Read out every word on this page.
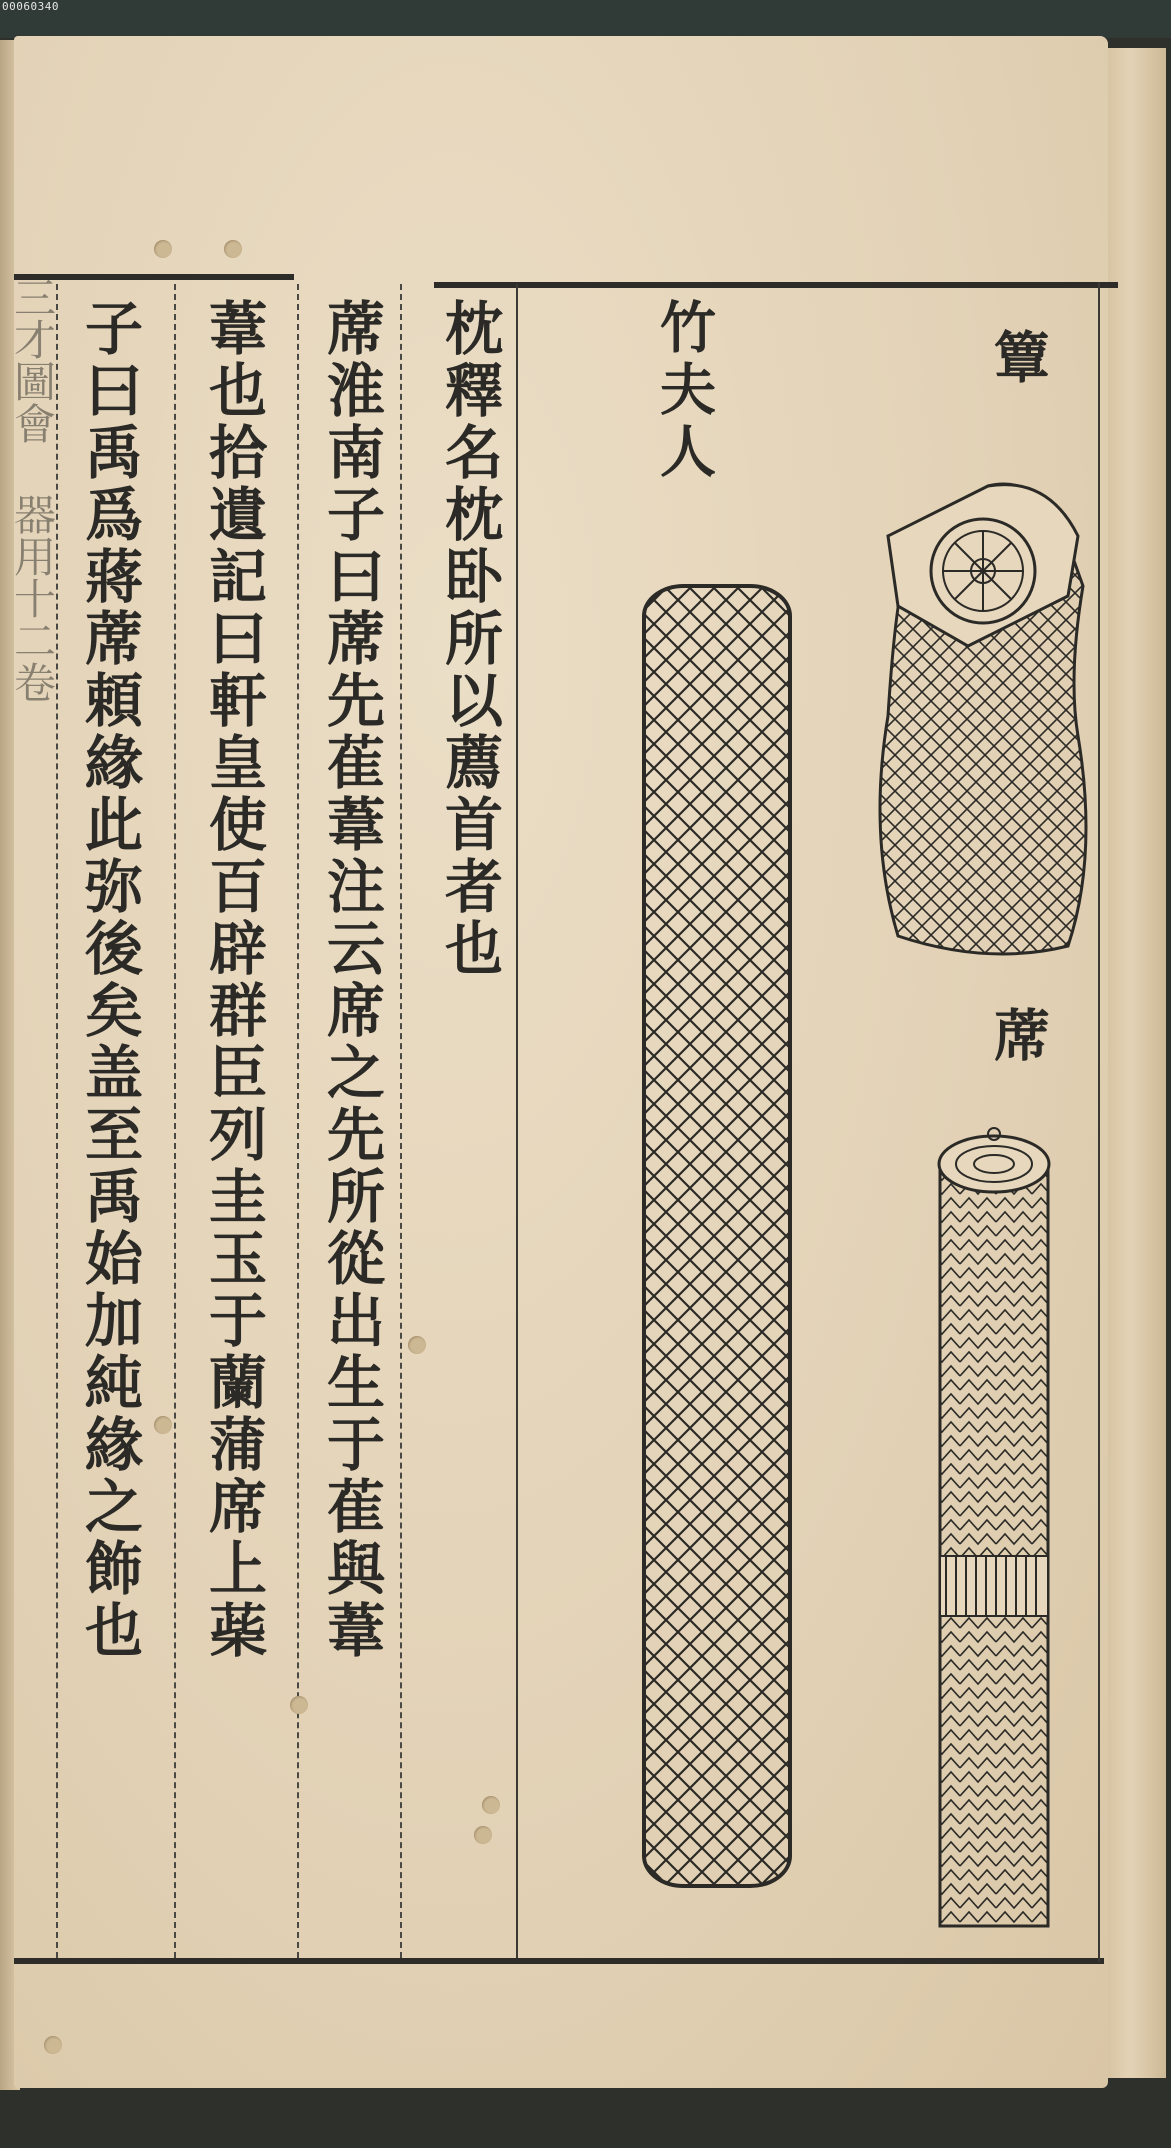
00060340
枕釋名枕卧所以薦首者也
蓆淮南子曰蓆先萑葦注云席之先所從出生于萑與葦
葦也拾遺記曰軒皇使百辟群臣列圭玉于蘭蒲席上䓱
子曰禹爲蔣蓆頼緣此弥後矣盖至禹始加純緣之飾也	簟
竹夫人
蓆
三才圖會 器用十二卷
